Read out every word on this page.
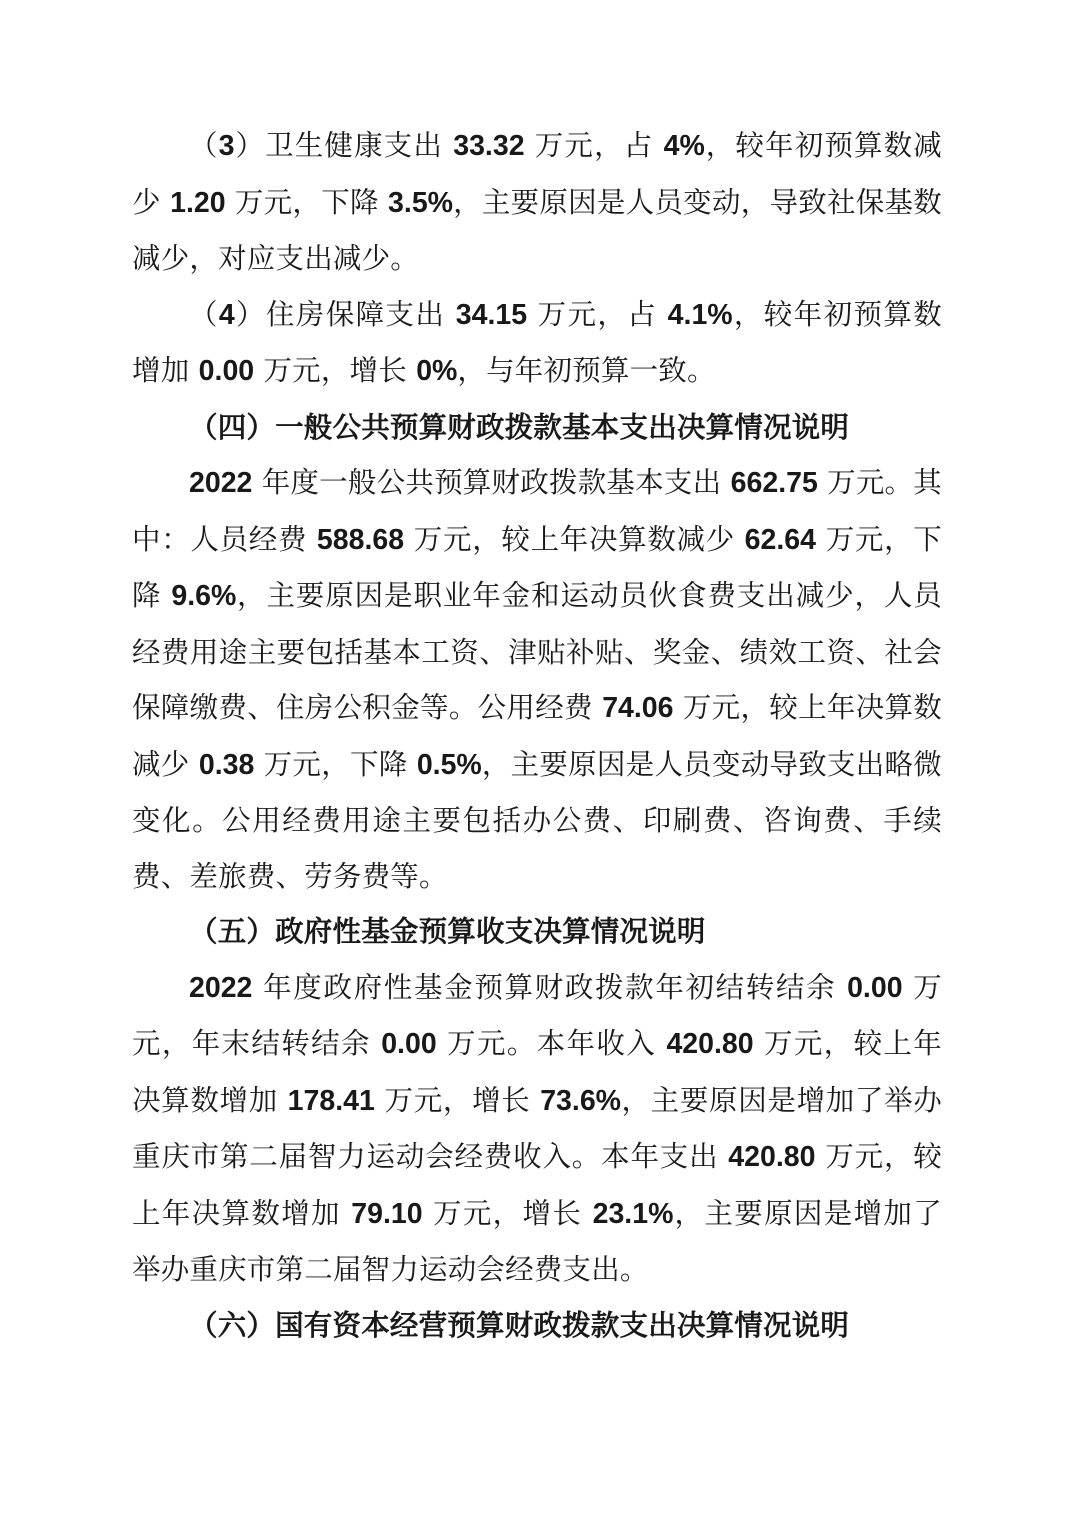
（3）卫生健康支出 33.32 万元，占 4%，较年初预算数减少 1.20 万元，下降 3.5%，主要原因是人员变动，导致社保基数减少，对应支出减少。

（4）住房保障支出 34.15 万元，占 4.1%，较年初预算数增加 0.00 万元，增长 0%，与年初预算一致。

（四）一般公共预算财政拨款基本支出决算情况说明

2022 年度一般公共预算财政拨款基本支出 662.75 万元。其中：人员经费 588.68 万元，较上年决算数减少 62.64 万元，下降 9.6%，主要原因是职业年金和运动员伙食费支出减少，人员经费用途主要包括基本工资、津贴补贴、奖金、绩效工资、社会保障缴费、住房公积金等。公用经费 74.06 万元，较上年决算数减少 0.38 万元，下降 0.5%，主要原因是人员变动导致支出略微变化。公用经费用途主要包括办公费、印刷费、咨询费、手续费、差旅费、劳务费等。

（五）政府性基金预算收支决算情况说明

2022 年度政府性基金预算财政拨款年初结转结余 0.00 万元，年末结转结余 0.00 万元。本年收入 420.80 万元，较上年决算数增加 178.41 万元，增长 73.6%，主要原因是增加了举办重庆市第二届智力运动会经费收入。本年支出 420.80 万元，较上年决算数增加 79.10 万元，增长 23.1%，主要原因是增加了举办重庆市第二届智力运动会经费支出。

（六）国有资本经营预算财政拨款支出决算情况说明
